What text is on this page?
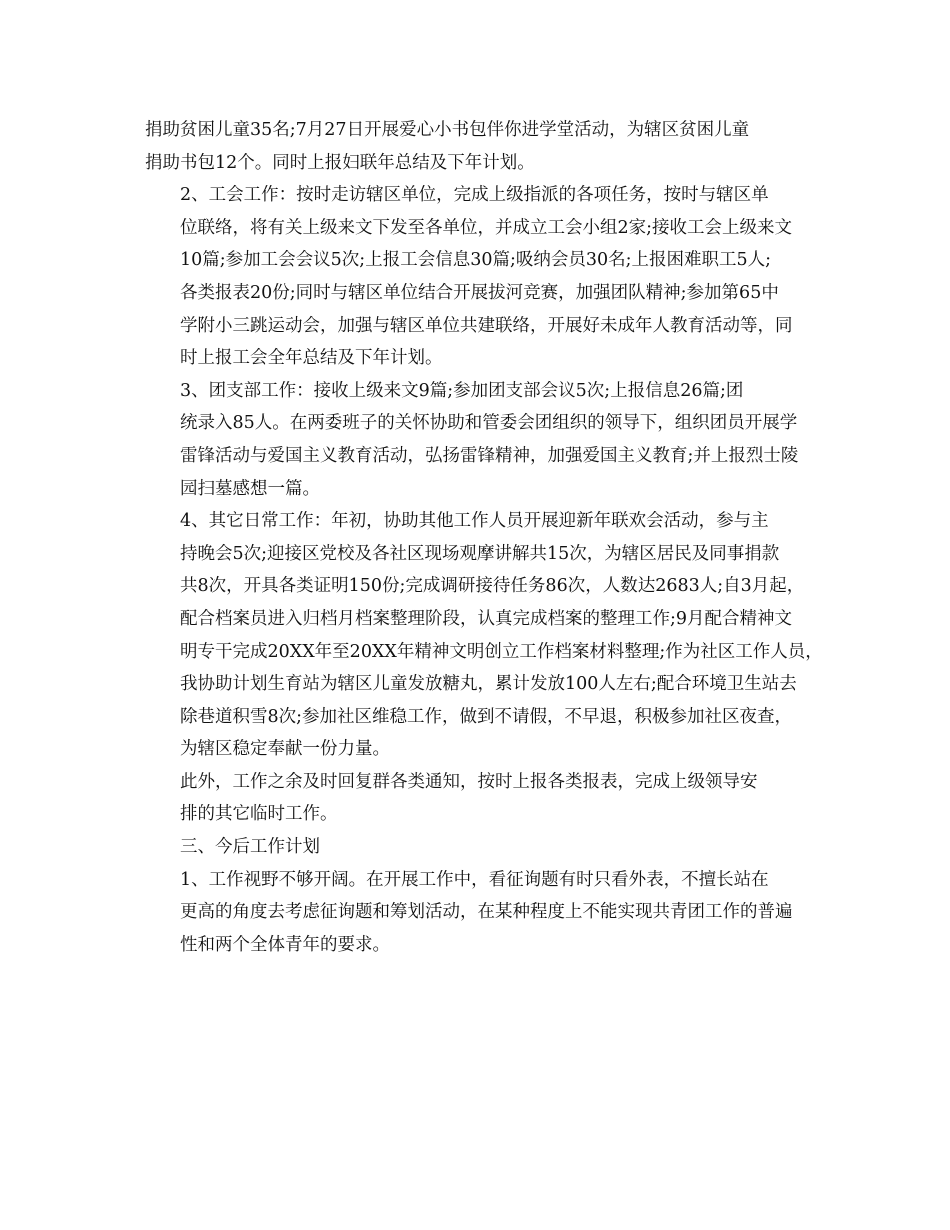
捐助贫困儿童35名;7月27日开展爱心小书包伴你进学堂活动，为辖区贫困儿童
捐助书包12个。同时上报妇联年总结及下年计划。

2、工会工作：按时走访辖区单位，完成上级指派的各项任务，按时与辖区单
位联络，将有关上级来文下发至各单位，并成立工会小组2家;接收工会上级来文
10篇;参加工会会议5次;上报工会信息30篇;吸纳会员30名;上报困难职工5人;
各类报表20份;同时与辖区单位结合开展拔河竞赛，加强团队精神;参加第65中
学附小三跳运动会，加强与辖区单位共建联络，开展好未成年人教育活动等，同
时上报工会全年总结及下年计划。

3、团支部工作：接收上级来文9篇;参加团支部会议5次;上报信息26篇;团
统录入85人。在两委班子的关怀协助和管委会团组织的领导下，组织团员开展学
雷锋活动与爱国主义教育活动，弘扬雷锋精神，加强爱国主义教育;并上报烈士陵
园扫墓感想一篇。

4、其它日常工作：年初，协助其他工作人员开展迎新年联欢会活动，参与主
持晚会5次;迎接区党校及各社区现场观摩讲解共15次，为辖区居民及同事捐款
共8次，开具各类证明150份;完成调研接待任务86次，人数达2683人;自3月起，
配合档案员进入归档月档案整理阶段，认真完成档案的整理工作;9月配合精神文
明专干完成20XX年至20XX年精神文明创立工作档案材料整理;作为社区工作人员，
我协助计划生育站为辖区儿童发放糖丸，累计发放100人左右;配合环境卫生站去
除巷道积雪8次;参加社区维稳工作，做到不请假，不早退，积极参加社区夜查，
为辖区稳定奉献一份力量。

此外，工作之余及时回复群各类通知，按时上报各类报表，完成上级领导安
排的其它临时工作。

三、今后工作计划

1、工作视野不够开阔。在开展工作中，看征询题有时只看外表，不擅长站在
更高的角度去考虑征询题和筹划活动，在某种程度上不能实现共青团工作的普遍
性和两个全体青年的要求。
